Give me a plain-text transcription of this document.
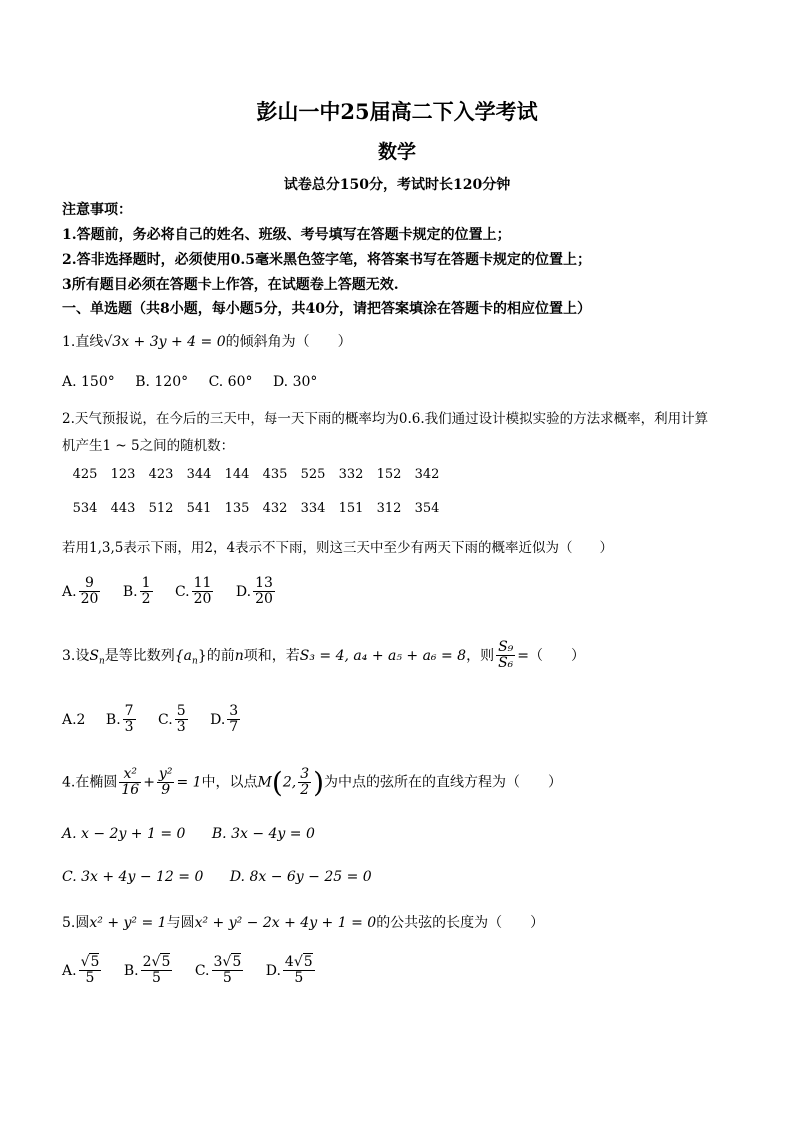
彭山一中25届高二下入学考试
数学
试卷总分150分，考试时长120分钟
注意事项：
1.答题前，务必将自己的姓名、班级、考号填写在答题卡规定的位置上；
2.答非选择题时，必须使用0.5毫米黑色签字笔，将答案书写在答题卡规定的位置上；
3所有题目必须在答题卡上作答，在试题卷上答题无效.
一、单选题（共8小题，每小题5分，共40分，请把答案填涂在答题卡的相应位置上）
1.直线√3x + 3y + 4 = 0的倾斜角为（　　）
A. 150° B. 120° C. 60° D. 30°
2.天气预报说，在今后的三天中，每一天下雨的概率均为0.6.我们通过设计模拟实验的方法求概率，利用计算
机产生1 ~ 5之间的随机数：
425 123 423 344 144 435 525 332 152 342
534 443 512 541 135 432 334 151 312 354
若用1,3,5表示下雨，用2，4表示不下雨，则这三天中至少有两天下雨的概率近似为（　　）
A. $\frac{9}{20} B$. $\frac{1}{2} C$. $\frac{11}{20} D$. $\frac{13}{20}$
3.设$S_n$是等比数列$\{a_n\}$的前n项和，若S₃ = 4, a₄ + a₅ + a₆ = 8，则 $\frac{\text{S₉}}{\text{S₆}}$ =（　　）
A.2 B. $\frac{7}{3} C$. $\frac{5}{3} D$. $\frac{3}{7}$
4.在椭圆 $\frac{\text{x²}}{16} + \frac{\text{y²}}{9} = 1$中，以点M(2, $\frac{3}{2}$ )为中点的弦所在的直线方程为（　　）
A. x − 2y + 1 = 0 B. 3x − 4y = 0
C. 3x + 4y − 12 = 0 D. 8x − 6y − 25 = 0
5.圆x² + y² = 1与圆x² + y² − 2x + 4y + 1 = 0的公共弦的长度为（　　）
A. $\frac{√5}{5} B$. $\frac{2√5}{5} C$. $\frac{3√5}{5} D$. $\frac{4√5}{5}$
